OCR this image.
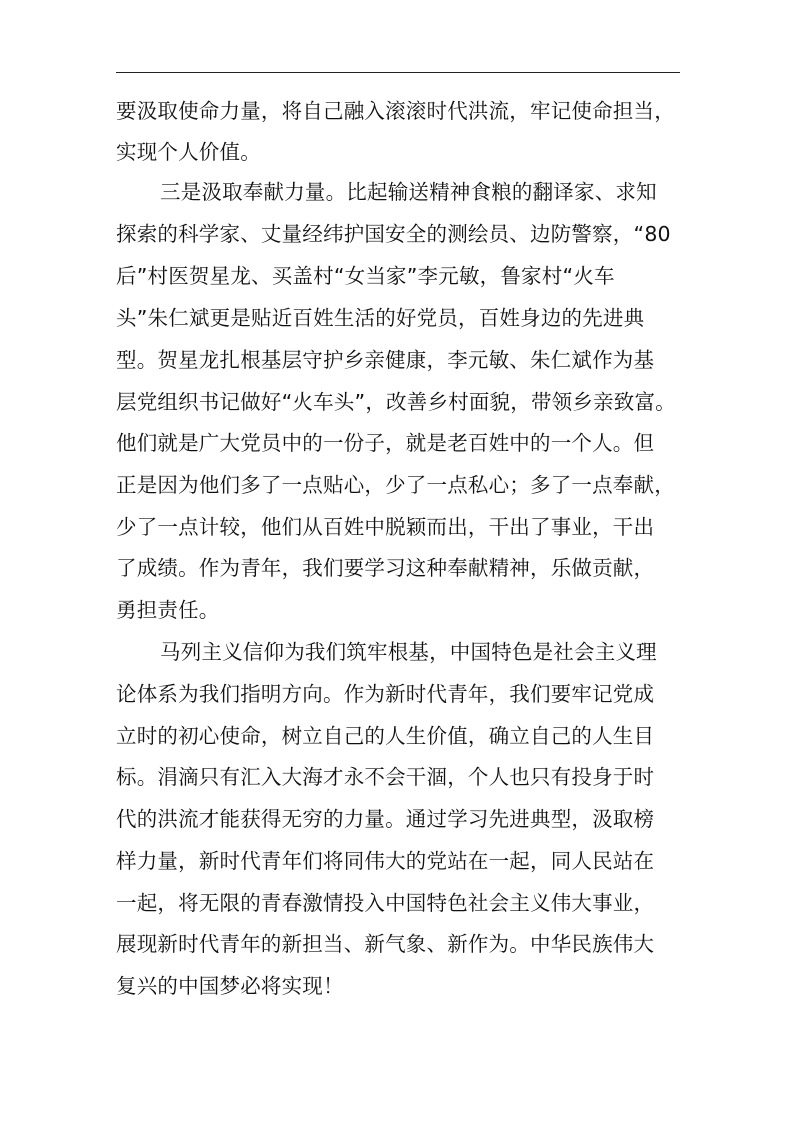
要汲取使命力量，将自己融入滚滚时代洪流，牢记使命担当，
实现个人价值。
三是汲取奉献力量。比起输送精神食粮的翻译家、求知
探索的科学家、丈量经纬护国安全的测绘员、边防警察，“80
后”村医贺星龙、买盖村“女当家”李元敏，鲁家村“火车
头”朱仁斌更是贴近百姓生活的好党员，百姓身边的先进典
型。贺星龙扎根基层守护乡亲健康，李元敏、朱仁斌作为基
层党组织书记做好“火车头”，改善乡村面貌，带领乡亲致富。
他们就是广大党员中的一份子，就是老百姓中的一个人。但
正是因为他们多了一点贴心，少了一点私心；多了一点奉献，
少了一点计较，他们从百姓中脱颖而出，干出了事业，干出
了成绩。作为青年，我们要学习这种奉献精神，乐做贡献，
勇担责任。
马列主义信仰为我们筑牢根基，中国特色是社会主义理
论体系为我们指明方向。作为新时代青年，我们要牢记党成
立时的初心使命，树立自己的人生价值，确立自己的人生目
标。涓滴只有汇入大海才永不会干涸，个人也只有投身于时
代的洪流才能获得无穷的力量。通过学习先进典型，汲取榜
样力量，新时代青年们将同伟大的党站在一起，同人民站在
一起，将无限的青春激情投入中国特色社会主义伟大事业，
展现新时代青年的新担当、新气象、新作为。中华民族伟大
复兴的中国梦必将实现！
